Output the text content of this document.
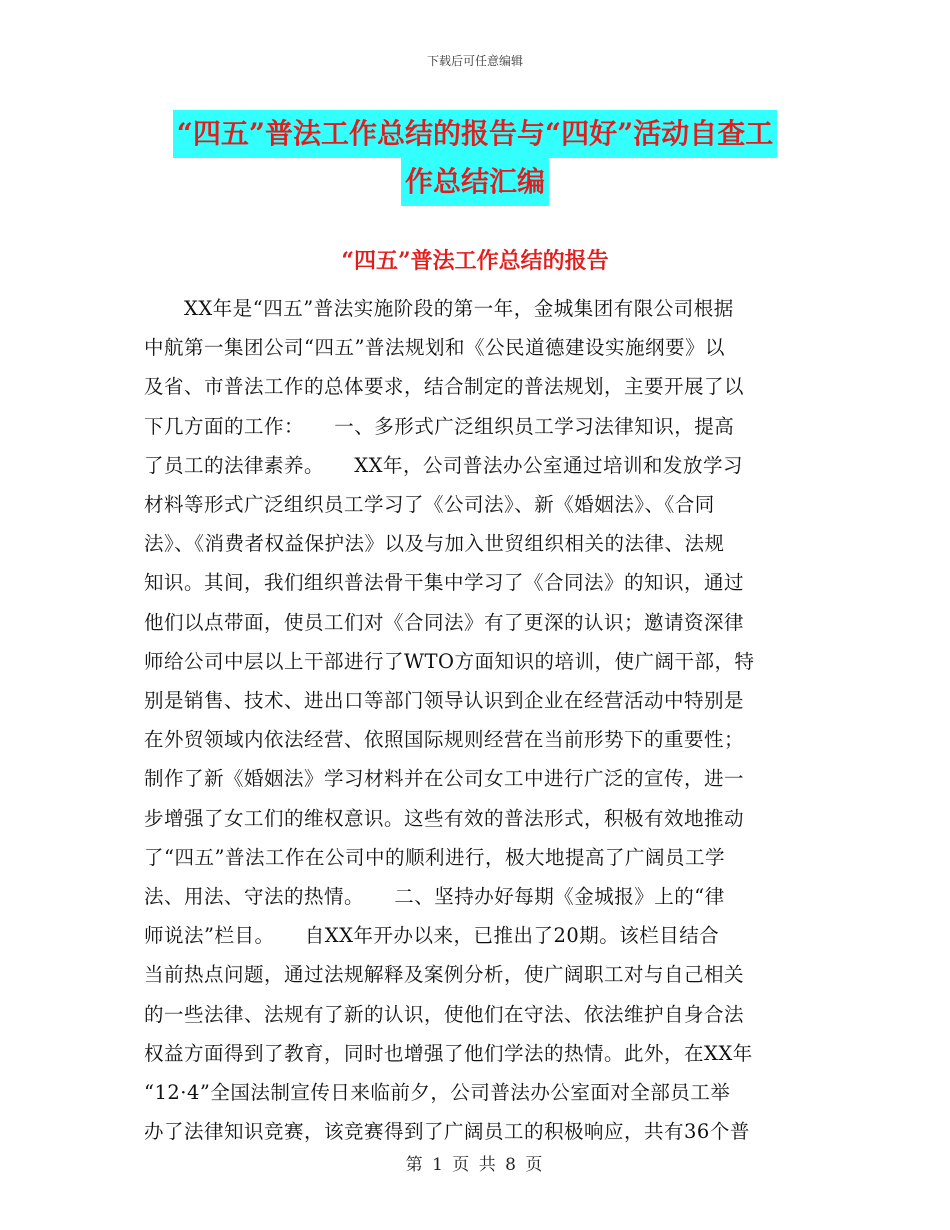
下载后可任意编辑
“四五”普法工作总结的报告与“四好”活动自查工
作总结汇编
“四五”普法工作总结的报告
　　XX年是“四五”普法实施阶段的第一年，金城集团有限公司根据
中航第一集团公司“四五”普法规划和《公民道德建设实施纲要》以
及省、市普法工作的总体要求，结合制定的普法规划，主要开展了以
下几方面的工作：　　一、多形式广泛组织员工学习法律知识，提高
了员工的法律素养。　　XX年，公司普法办公室通过培训和发放学习
材料等形式广泛组织员工学习了《公司法》、新《婚姻法》、《合同
法》、《消费者权益保护法》以及与加入世贸组织相关的法律、法规
知识。其间，我们组织普法骨干集中学习了《合同法》的知识，通过
他们以点带面，使员工们对《合同法》有了更深的认识；邀请资深律
师给公司中层以上干部进行了WTO方面知识的培训，使广阔干部，特
别是销售、技术、进出口等部门领导认识到企业在经营活动中特别是
在外贸领域内依法经营、依照国际规则经营在当前形势下的重要性；
制作了新《婚姻法》学习材料并在公司女工中进行广泛的宣传，进一
步增强了女工们的维权意识。这些有效的普法形式，积极有效地推动
了“四五”普法工作在公司中的顺利进行，极大地提高了广阔员工学
法、用法、守法的热情。　　二、坚持办好每期《金城报》上的“律
师说法”栏目。　　自XX年开办以来，已推出了20期。该栏目结合
当前热点问题，通过法规解释及案例分析，使广阔职工对与自己相关
的一些法律、法规有了新的认识，使他们在守法、依法维护自身合法
权益方面得到了教育，同时也增强了他们学法的热情。此外，在XX年
“12·4”全国法制宣传日来临前夕，公司普法办公室面对全部员工举
办了法律知识竞赛，该竞赛得到了广阔员工的积极响应，共有36个普
第 1 页 共 8 页
